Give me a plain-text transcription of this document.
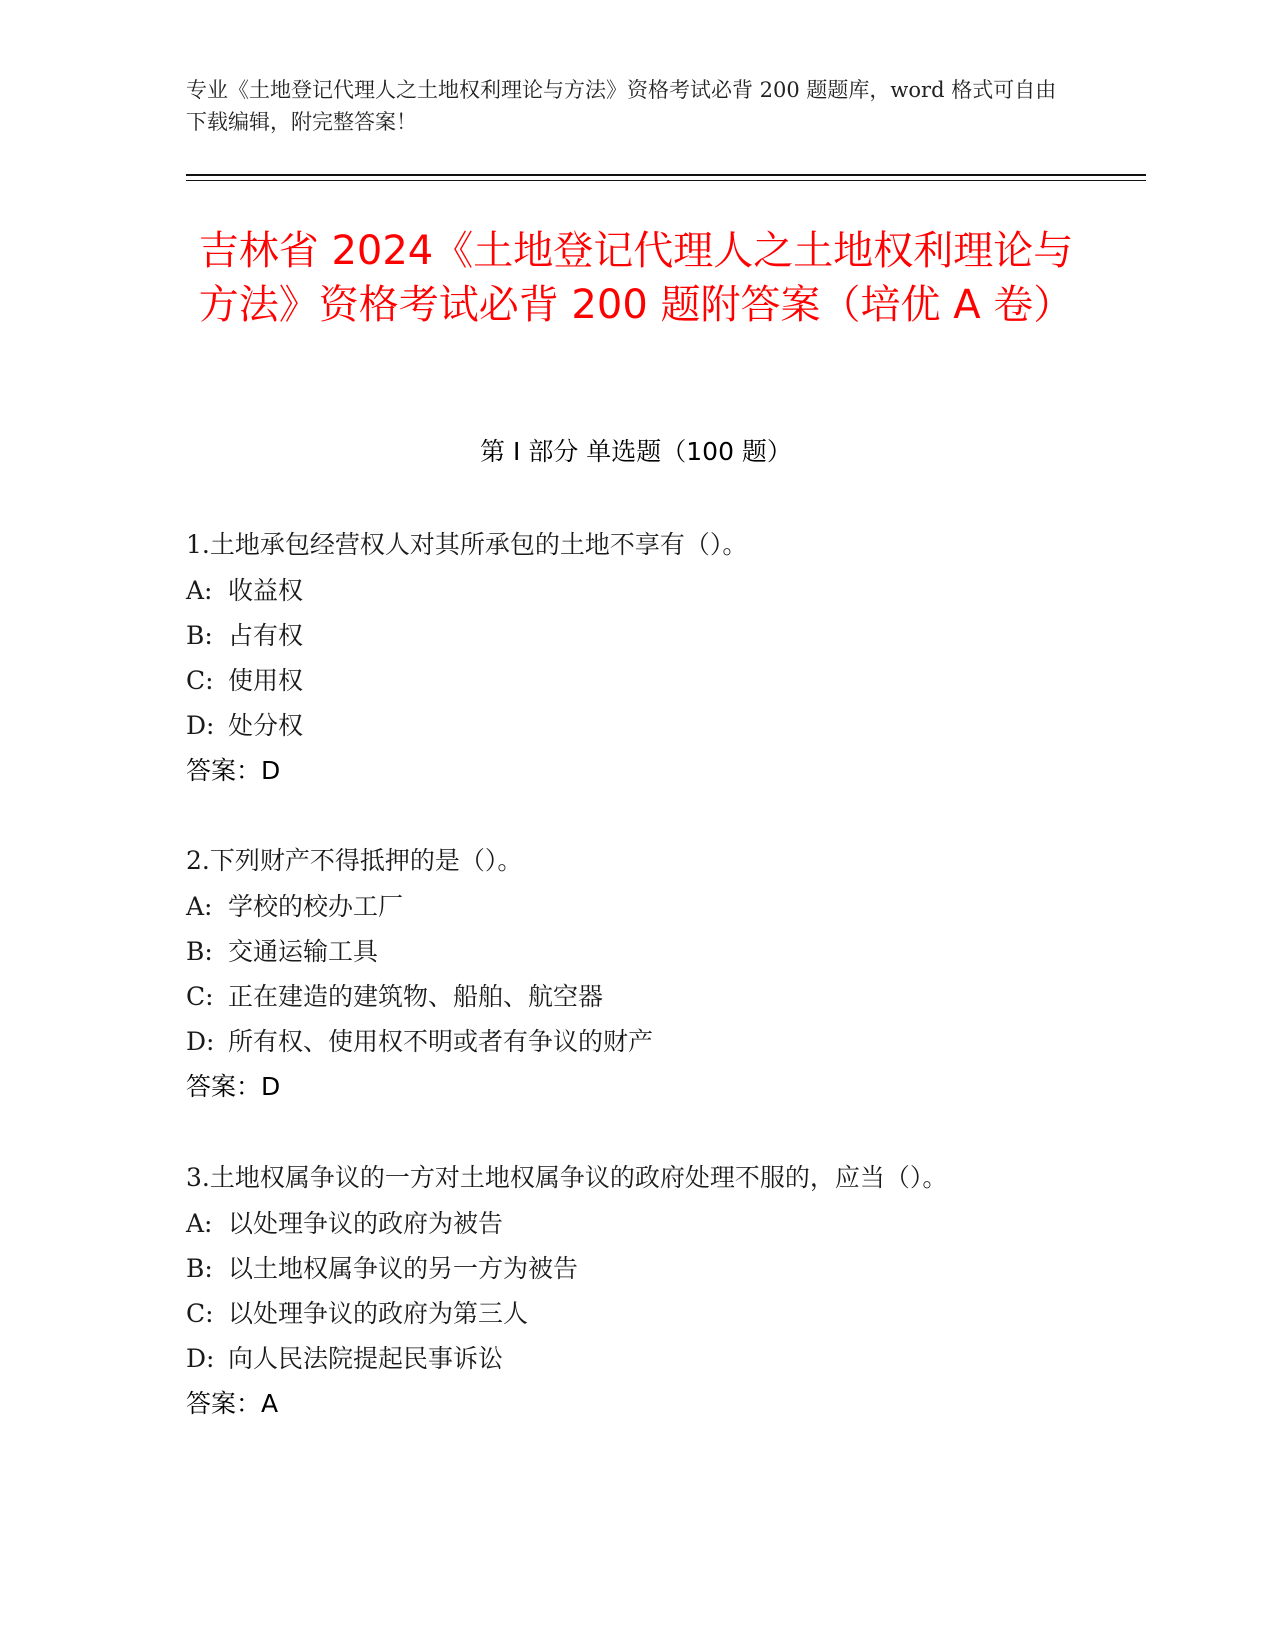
专业《土地登记代理人之土地权利理论与方法》资格考试必背 200 题题库，word 格式可自由下载编辑，附完整答案！
吉林省 2024《土地登记代理人之土地权利理论与方法》资格考试必背 200 题附答案（培优 A 卷）
第 I 部分 单选题（100 题）
1.土地承包经营权人对其所承包的土地不享有（）。
A: 收益权
B: 占有权
C: 使用权
D: 处分权
答案：D
2.下列财产不得抵押的是（）。
A: 学校的校办工厂
B: 交通运输工具
C: 正在建造的建筑物、船舶、航空器
D: 所有权、使用权不明或者有争议的财产
答案：D
3.土地权属争议的一方对土地权属争议的政府处理不服的，应当（）。
A: 以处理争议的政府为被告
B: 以土地权属争议的另一方为被告
C: 以处理争议的政府为第三人
D: 向人民法院提起民事诉讼
答案：A
